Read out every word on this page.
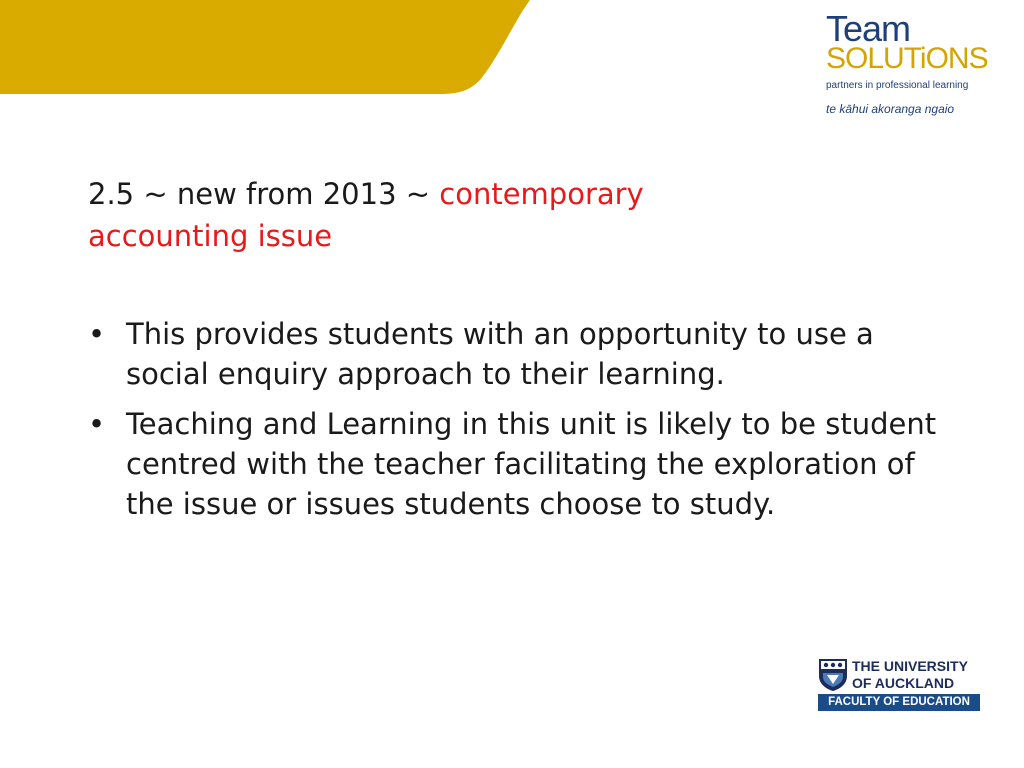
Team
SOLUTiONS
partners in professional learning
te kāhui akoranga ngaio
2.5 ~ new from 2013 ~ contemporary accounting issue
• This provides students with an opportunity to use a social enquiry approach to their learning.
• Teaching and Learning in this unit is likely to be student centred with the teacher facilitating the exploration of the issue or issues students choose to study.
THE UNIVERSITY
OF AUCKLAND
FACULTY OF EDUCATION
